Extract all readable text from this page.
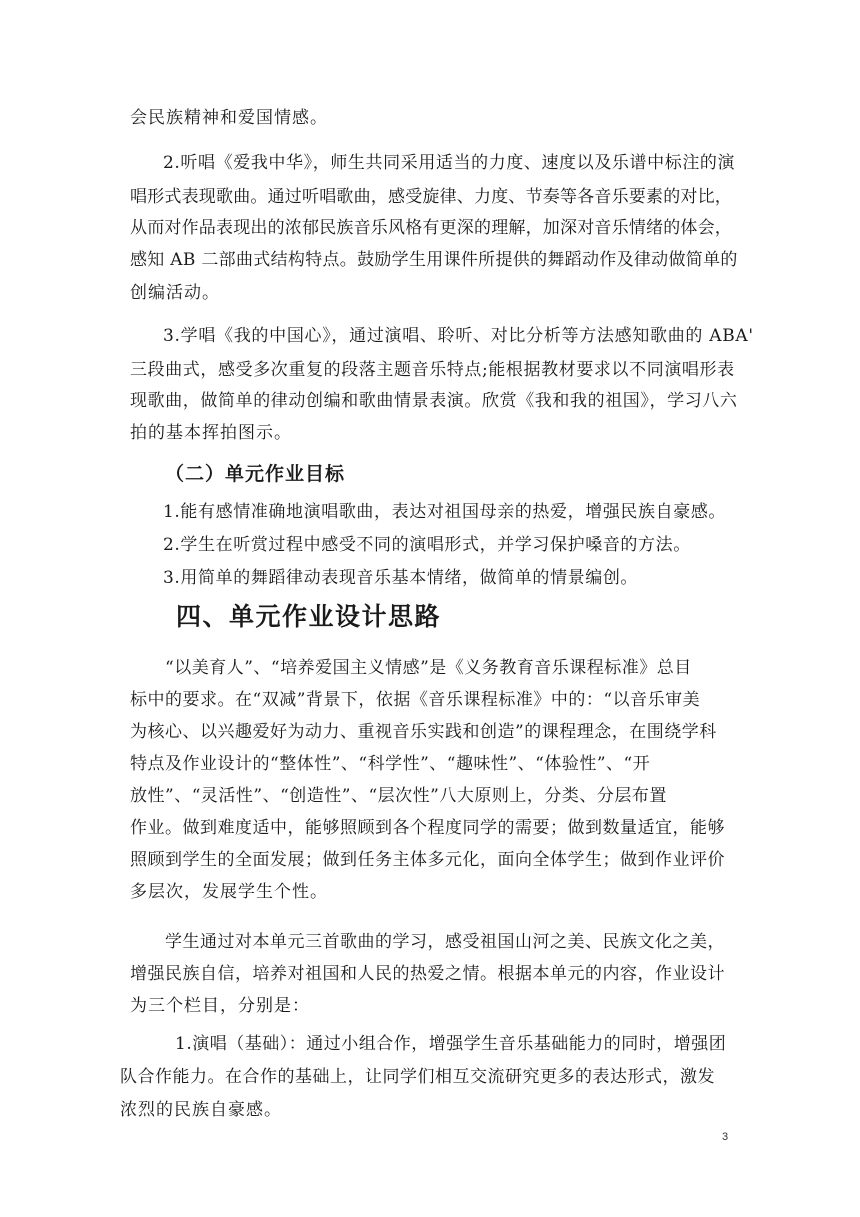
会民族精神和爱国情感。
2.听唱《爱我中华》，师生共同采用适当的力度、速度以及乐谱中标注的演
唱形式表现歌曲。通过听唱歌曲，感受旋律、力度、节奏等各音乐要素的对比，
从而对作品表现出的浓郁民族音乐风格有更深的理解，加深对音乐情绪的体会，
感知 AB 二部曲式结构特点。鼓励学生用课件所提供的舞蹈动作及律动做简单的
创编活动。
3.学唱《我的中国心》，通过演唱、聆听、对比分析等方法感知歌曲的 ABA'
三段曲式，感受多次重复的段落主题音乐特点;能根据教材要求以不同演唱形表
现歌曲，做简单的律动创编和歌曲情景表演。欣赏《我和我的祖国》，学习八六
拍的基本挥拍图示。
（二）单元作业目标
1.能有感情准确地演唱歌曲，表达对祖国母亲的热爱，增强民族自豪感。
2.学生在听赏过程中感受不同的演唱形式，并学习保护嗓音的方法。
3.用简单的舞蹈律动表现音乐基本情绪，做简单的情景编创。
四、单元作业设计思路
“以美育人”、“培养爱国主义情感”是《义务教育音乐课程标准》总目
标中的要求。在“双减”背景下，依据《音乐课程标准》中的：“以音乐审美
为核心、以兴趣爱好为动力、重视音乐实践和创造”的课程理念，在围绕学科
特点及作业设计的“整体性”、“科学性”、“趣味性”、“体验性”、“开
放性”、“灵活性”、“创造性”、“层次性”八大原则上，分类、分层布置
作业。做到难度适中，能够照顾到各个程度同学的需要；做到数量适宜，能够
照顾到学生的全面发展；做到任务主体多元化，面向全体学生；做到作业评价
多层次，发展学生个性。
学生通过对本单元三首歌曲的学习，感受祖国山河之美、民族文化之美，
增强民族自信，培养对祖国和人民的热爱之情。根据本单元的内容，作业设计
为三个栏目，分别是：
1.演唱（基础）：通过小组合作，增强学生音乐基础能力的同时，增强团
队合作能力。在合作的基础上，让同学们相互交流研究更多的表达形式，激发
浓烈的民族自豪感。
3
